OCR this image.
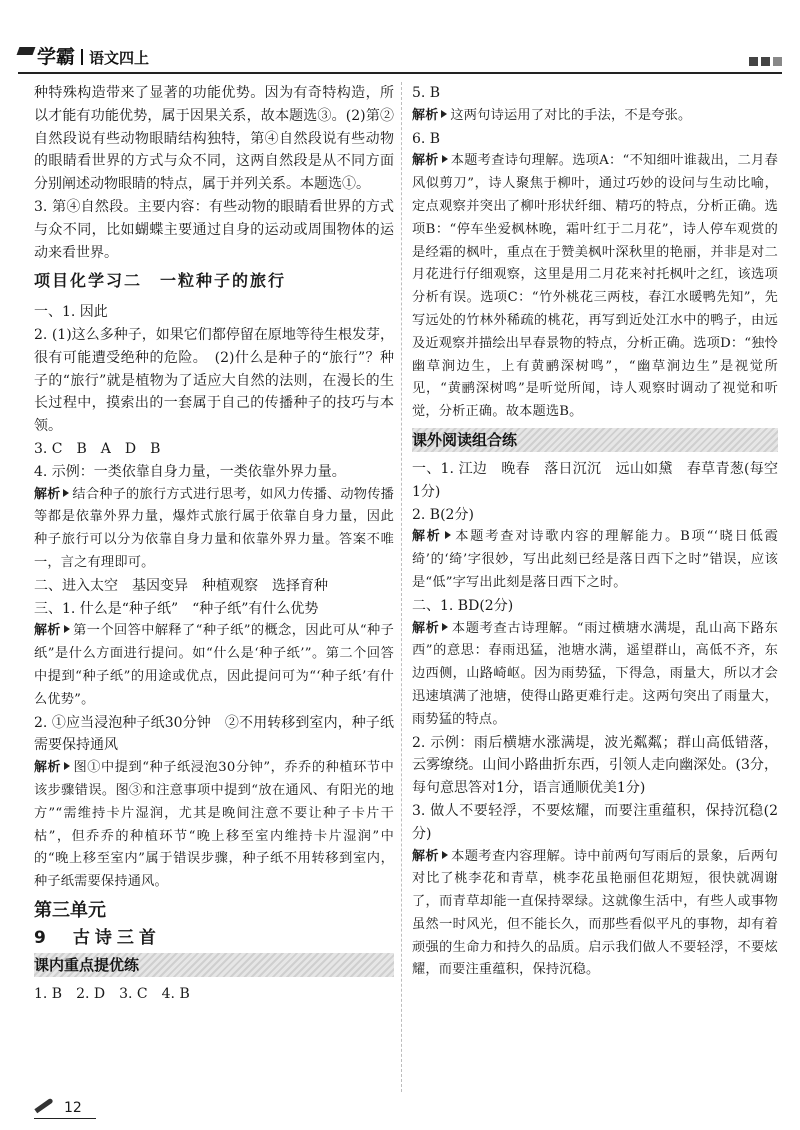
学霸 语文四上

种特殊构造带来了显著的功能优势。因为有奇特构造，所以才能有功能优势，属于因果关系，故本题选③。(2)第②自然段说有些动物眼睛结构独特，第④自然段说有些动物的眼睛看世界的方式与众不同，这两自然段是从不同方面分别阐述动物眼睛的特点，属于并列关系。本题选①。

3. 第④自然段。主要内容：有些动物的眼睛看世界的方式与众不同，比如蝴蝶主要通过自身的运动或周围物体的运动来看世界。

项目化学习二　一粒种子的旅行

一、1. 因此

2. (1)这么多种子，如果它们都停留在原地等待生根发芽，很有可能遭受绝种的危险。　(2)什么是种子的“旅行”？种子的“旅行”就是植物为了适应大自然的法则，在漫长的生长过程中，摸索出的一套属于自己的传播种子的技巧与本领。

3. C　B　A　D　B

4. 示例：一类依靠自身力量，一类依靠外界力量。

解析 结合种子的旅行方式进行思考，如风力传播、动物传播等都是依靠外界力量，爆炸式旅行属于依靠自身力量，因此种子旅行可以分为依靠自身力量和依靠外界力量。答案不唯一，言之有理即可。

二、进入太空　基因变异　种植观察　选择育种

三、1. 什么是“种子纸”　“种子纸”有什么优势

解析 第一个回答中解释了“种子纸”的概念，因此可从“种子纸”是什么方面进行提问。如“什么是‘种子纸’”。第二个回答中提到“种子纸”的用途或优点，因此提问可为“‘种子纸’有什么优势”。

2. ①应当浸泡种子纸30分钟　②不用转移到室内，种子纸需要保持通风

解析 图①中提到“种子纸浸泡30分钟”，乔乔的种植环节中该步骤错误。图③和注意事项中提到“放在通风、有阳光的地方”“需维持卡片湿润，尤其是晚间注意不要让种子卡片干枯”，但乔乔的种植环节“晚上移至室内维持卡片湿润”中的“晚上移至室内”属于错误步骤，种子纸不用转移到室内，种子纸需要保持通风。

第三单元

9　古诗三首

课内重点提优练

1. B　2. D　3. C　4. B

5. B

解析 这两句诗运用了对比的手法，不是夸张。

6. B

解析 本题考查诗句理解。选项A：“不知细叶谁裁出，二月春风似剪刀”，诗人聚焦于柳叶，通过巧妙的设问与生动比喻，定点观察并突出了柳叶形状纤细、精巧的特点，分析正确。选项B：“停车坐爱枫林晚，霜叶红于二月花”，诗人停车观赏的是经霜的枫叶，重点在于赞美枫叶深秋里的艳丽，并非是对二月花进行仔细观察，这里是用二月花来衬托枫叶之红，该选项分析有误。选项C：“竹外桃花三两枝，春江水暖鸭先知”，先写远处的竹林外稀疏的桃花，再写到近处江水中的鸭子，由远及近观察并描绘出早春景物的特点，分析正确。选项D：“独怜幽草涧边生，上有黄鹂深树鸣”，“幽草涧边生”是视觉所见，“黄鹂深树鸣”是听觉所闻，诗人观察时调动了视觉和听觉，分析正确。故本题选B。

课外阅读组合练

一、1. 江边　晚春　落日沉沉　远山如黛　春草青葱(每空1分)

2. B(2分)

解析 本题考查对诗歌内容的理解能力。B项“‘晓日低霞绮’的‘绮’字很妙，写出此刻已经是落日西下之时”错误，应该是“低”字写出此刻是落日西下之时。

二、1. BD(2分)

解析 本题考查古诗理解。“雨过横塘水满堤，乱山高下路东西”的意思：春雨迅猛，池塘水满，遥望群山，高低不齐，东边西侧，山路崎岖。因为雨势猛，下得急，雨量大，所以才会迅速填满了池塘，使得山路更难行走。这两句突出了雨量大，雨势猛的特点。

2. 示例：雨后横塘水涨满堤，波光粼粼；群山高低错落，云雾缭绕。山间小路曲折东西，引领人走向幽深处。(3分，每句意思答对1分，语言通顺优美1分)

3. 做人不要轻浮，不要炫耀，而要注重蕴积，保持沉稳(2分)

解析 本题考查内容理解。诗中前两句写雨后的景象，后两句对比了桃李花和青草，桃李花虽艳丽但花期短，很快就凋谢了，而青草却能一直保持翠绿。这就像生活中，有些人或事物虽然一时风光，但不能长久，而那些看似平凡的事物，却有着顽强的生命力和持久的品质。启示我们做人不要轻浮，不要炫耀，而要注重蕴积，保持沉稳。

12
